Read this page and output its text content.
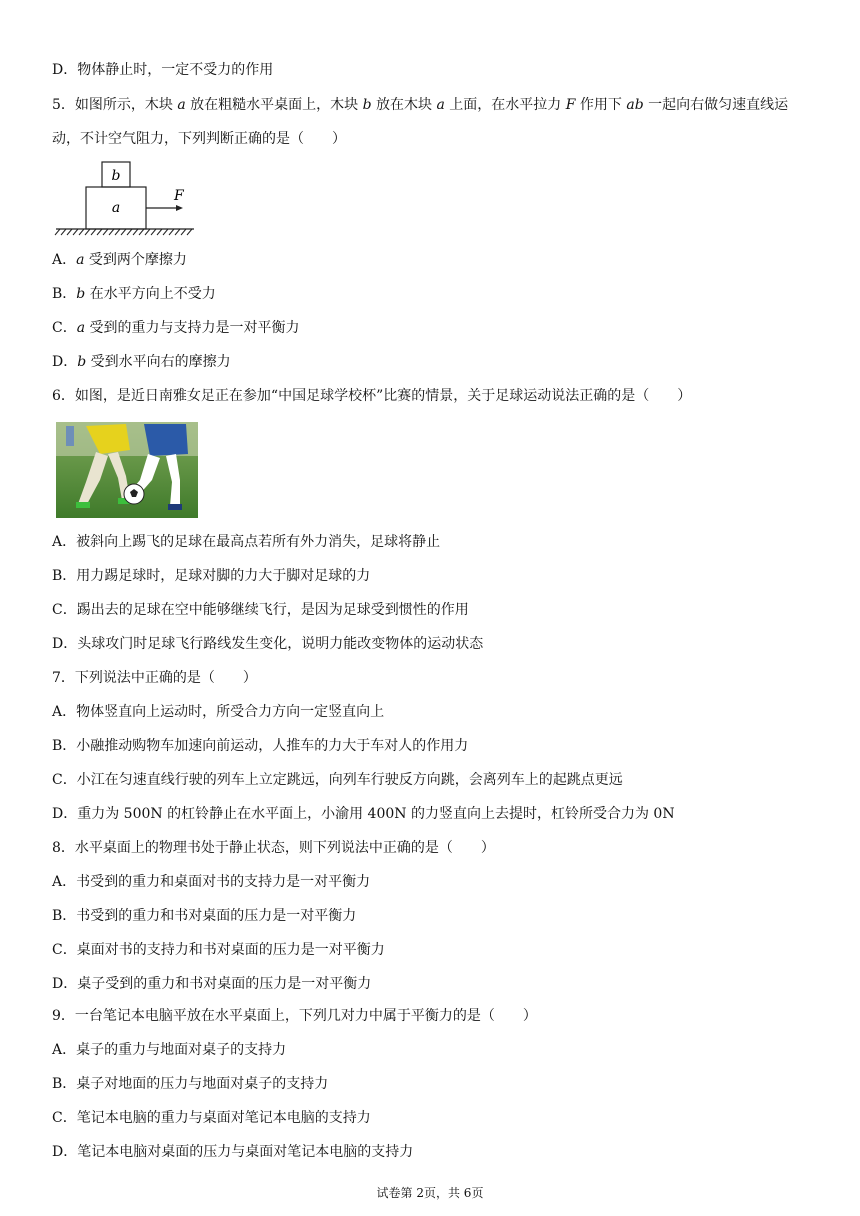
D．物体静止时，一定不受力的作用
5．如图所示，木块 a 放在粗糙水平桌面上，木块 b 放在木块 a 上面，在水平拉力 F 作用下 ab 一起向右做匀速直线运动，不计空气阻力，下列判断正确的是（　　）
b
a
F
A．a 受到两个摩擦力
B．b 在水平方向上不受力
C．a 受到的重力与支持力是一对平衡力
D．b 受到水平向右的摩擦力
6．如图，是近日南雅女足正在参加“中国足球学校杯”比赛的情景，关于足球运动说法正确的是（　　）
A．被斜向上踢飞的足球在最高点若所有外力消失，足球将静止
B．用力踢足球时，足球对脚的力大于脚对足球的力
C．踢出去的足球在空中能够继续飞行，是因为足球受到惯性的作用
D．头球攻门时足球飞行路线发生变化，说明力能改变物体的运动状态
7．下列说法中正确的是（　　）
A．物体竖直向上运动时，所受合力方向一定竖直向上
B．小融推动购物车加速向前运动，人推车的力大于车对人的作用力
C．小江在匀速直线行驶的列车上立定跳远，向列车行驶反方向跳，会离列车上的起跳点更远
D．重力为 500N 的杠铃静止在水平面上，小渝用 400N 的力竖直向上去提时，杠铃所受合力为 0N
8．水平桌面上的物理书处于静止状态，则下列说法中正确的是（　　）
A．书受到的重力和桌面对书的支持力是一对平衡力
B．书受到的重力和书对桌面的压力是一对平衡力
C．桌面对书的支持力和书对桌面的压力是一对平衡力
D．桌子受到的重力和书对桌面的压力是一对平衡力
9．一台笔记本电脑平放在水平桌面上，下列几对力中属于平衡力的是（　　）
A．桌子的重力与地面对桌子的支持力
B．桌子对地面的压力与地面对桌子的支持力
C．笔记本电脑的重力与桌面对笔记本电脑的支持力
D．笔记本电脑对桌面的压力与桌面对笔记本电脑的支持力
试卷第 2页，共 6页
